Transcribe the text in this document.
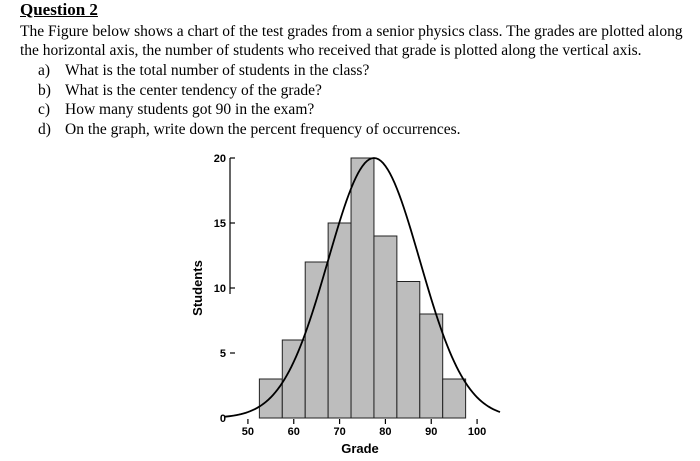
Question 2

The Figure below shows a chart of the test grades from a senior physics class. The grades are plotted along
the horizontal axis, the number of students who received that grade is plotted along the vertical axis.

a) What is the total number of students in the class?
b) What is the center tendency of the grade?
c) How many students got 90 in the exam?
d) On the graph, write down the percent frequency of occurrences.
0
5
10
15
20
50	60	70	80	90	100
Students
Grade
